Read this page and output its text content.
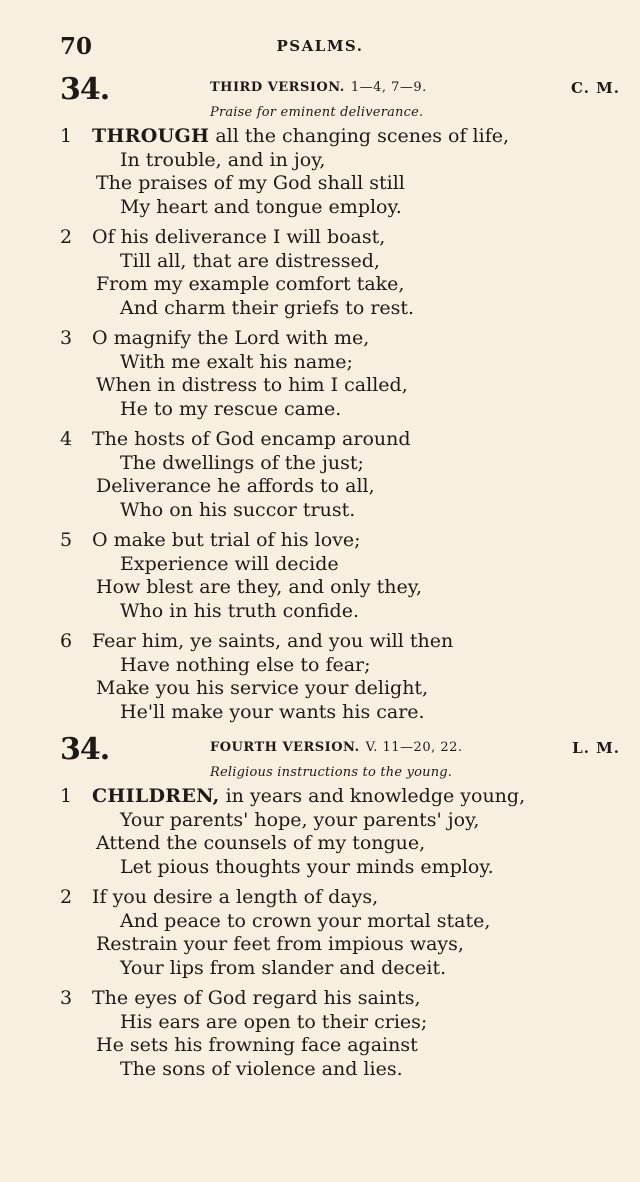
70	PSALMS.
34.	THIRD VERSION. 1—4, 7—9.	C. M.
Praise for eminent deliverance.
1 THROUGH all the changing scenes of life,
In trouble, and in joy,
The praises of my God shall still
My heart and tongue employ.
2 Of his deliverance I will boast,
Till all, that are distressed,
From my example comfort take,
And charm their griefs to rest.
3 O magnify the Lord with me,
With me exalt his name;
When in distress to him I called,
He to my rescue came.
4 The hosts of God encamp around
The dwellings of the just;
Deliverance he affords to all,
Who on his succor trust.
5 O make but trial of his love;
Experience will decide
How blest are they, and only they,
Who in his truth confide.
6 Fear him, ye saints, and you will then
Have nothing else to fear;
Make you his service your delight,
He'll make your wants his care.
34.	FOURTH VERSION. V. 11—20, 22.	L. M.
Religious instructions to the young.
1 CHILDREN, in years and knowledge young,
Your parents' hope, your parents' joy,
Attend the counsels of my tongue,
Let pious thoughts your minds employ.
2 If you desire a length of days,
And peace to crown your mortal state,
Restrain your feet from impious ways,
Your lips from slander and deceit.
3 The eyes of God regard his saints,
His ears are open to their cries;
He sets his frowning face against
The sons of violence and lies.
